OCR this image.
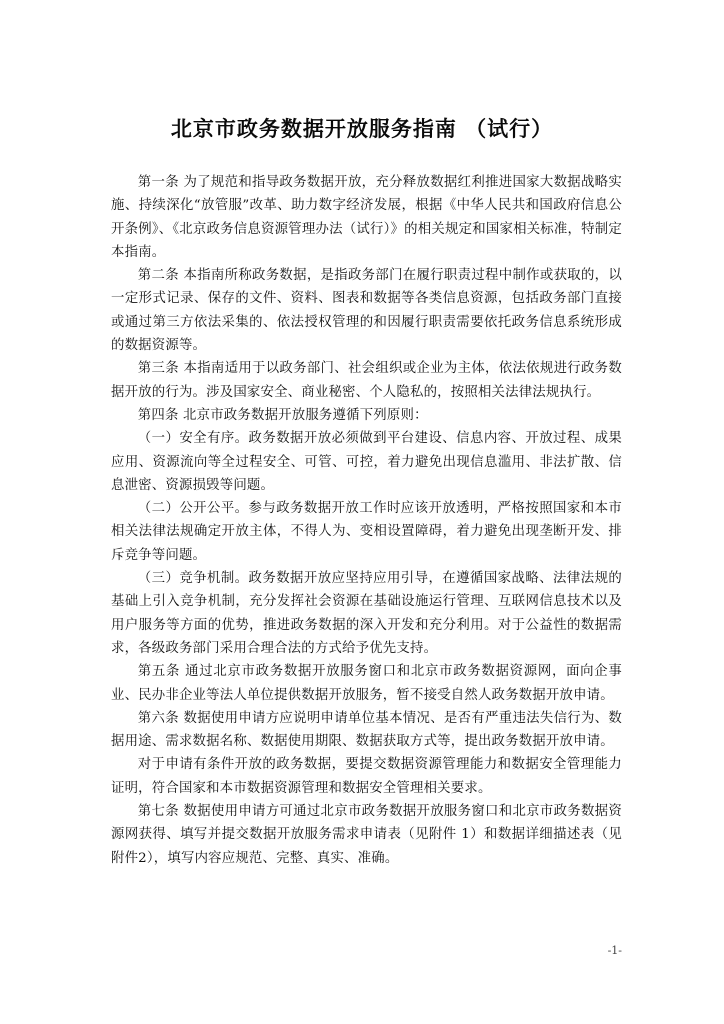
北京市政务数据开放服务指南 （试行）

第一条 为了规范和指导政务数据开放，充分释放数据红利推进国家大数据战略实施、持续深化“放管服”改革、助力数字经济发展，根据《中华人民共和国政府信息公开条例》、《北京政务信息资源管理办法（试行）》的相关规定和国家相关标准，特制定本指南。

第二条 本指南所称政务数据，是指政务部门在履行职责过程中制作或获取的，以一定形式记录、保存的文件、资料、图表和数据等各类信息资源，包括政务部门直接或通过第三方依法采集的、依法授权管理的和因履行职责需要依托政务信息系统形成的数据资源等。

第三条 本指南适用于以政务部门、社会组织或企业为主体，依法依规进行政务数据开放的行为。涉及国家安全、商业秘密、个人隐私的，按照相关法律法规执行。

第四条 北京市政务数据开放服务遵循下列原则：

（一）安全有序。政务数据开放必须做到平台建设、信息内容、开放过程、成果应用、资源流向等全过程安全、可管、可控，着力避免出现信息滥用、非法扩散、信息泄密、资源损毁等问题。

（二）公开公平。参与政务数据开放工作时应该开放透明，严格按照国家和本市相关法律法规确定开放主体，不得人为、变相设置障碍，着力避免出现垄断开发、排斥竞争等问题。

（三）竞争机制。政务数据开放应坚持应用引导，在遵循国家战略、法律法规的基础上引入竞争机制，充分发挥社会资源在基础设施运行管理、互联网信息技术以及用户服务等方面的优势，推进政务数据的深入开发和充分利用。对于公益性的数据需求，各级政务部门采用合理合法的方式给予优先支持。

第五条 通过北京市政务数据开放服务窗口和北京市政务数据资源网，面向企事业、民办非企业等法人单位提供数据开放服务，暂不接受自然人政务数据开放申请。

第六条 数据使用申请方应说明申请单位基本情况、是否有严重违法失信行为、数据用途、需求数据名称、数据使用期限、数据获取方式等，提出政务数据开放申请。

对于申请有条件开放的政务数据，要提交数据资源管理能力和数据安全管理能力证明，符合国家和本市数据资源管理和数据安全管理相关要求。

第七条 数据使用申请方可通过北京市政务数据开放服务窗口和北京市政务数据资源网获得、填写并提交数据开放服务需求申请表（见附件 1）和数据详细描述表（见附件2），填写内容应规范、完整、真实、准确。

-1-
